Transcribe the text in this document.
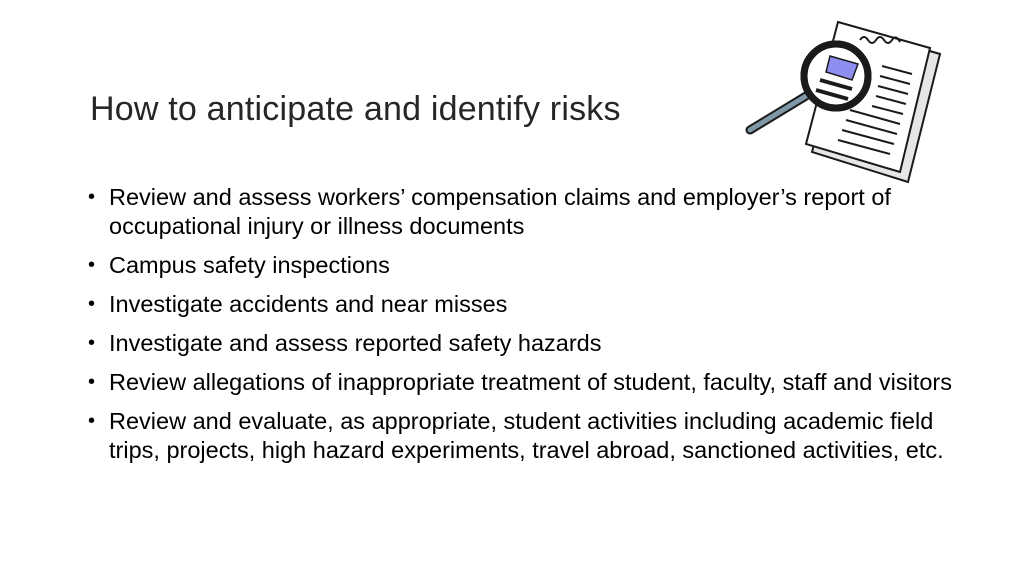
How to anticipate and identify risks
• Review and assess workers’ compensation claims and employer’s report of occupational injury or illness documents
• Campus safety inspections
• Investigate accidents and near misses
• Investigate and assess reported safety hazards
• Review allegations of inappropriate treatment of student, faculty, staff and visitors
• Review and evaluate, as appropriate, student activities including academic field trips, projects, high hazard experiments, travel abroad, sanctioned activities, etc.
